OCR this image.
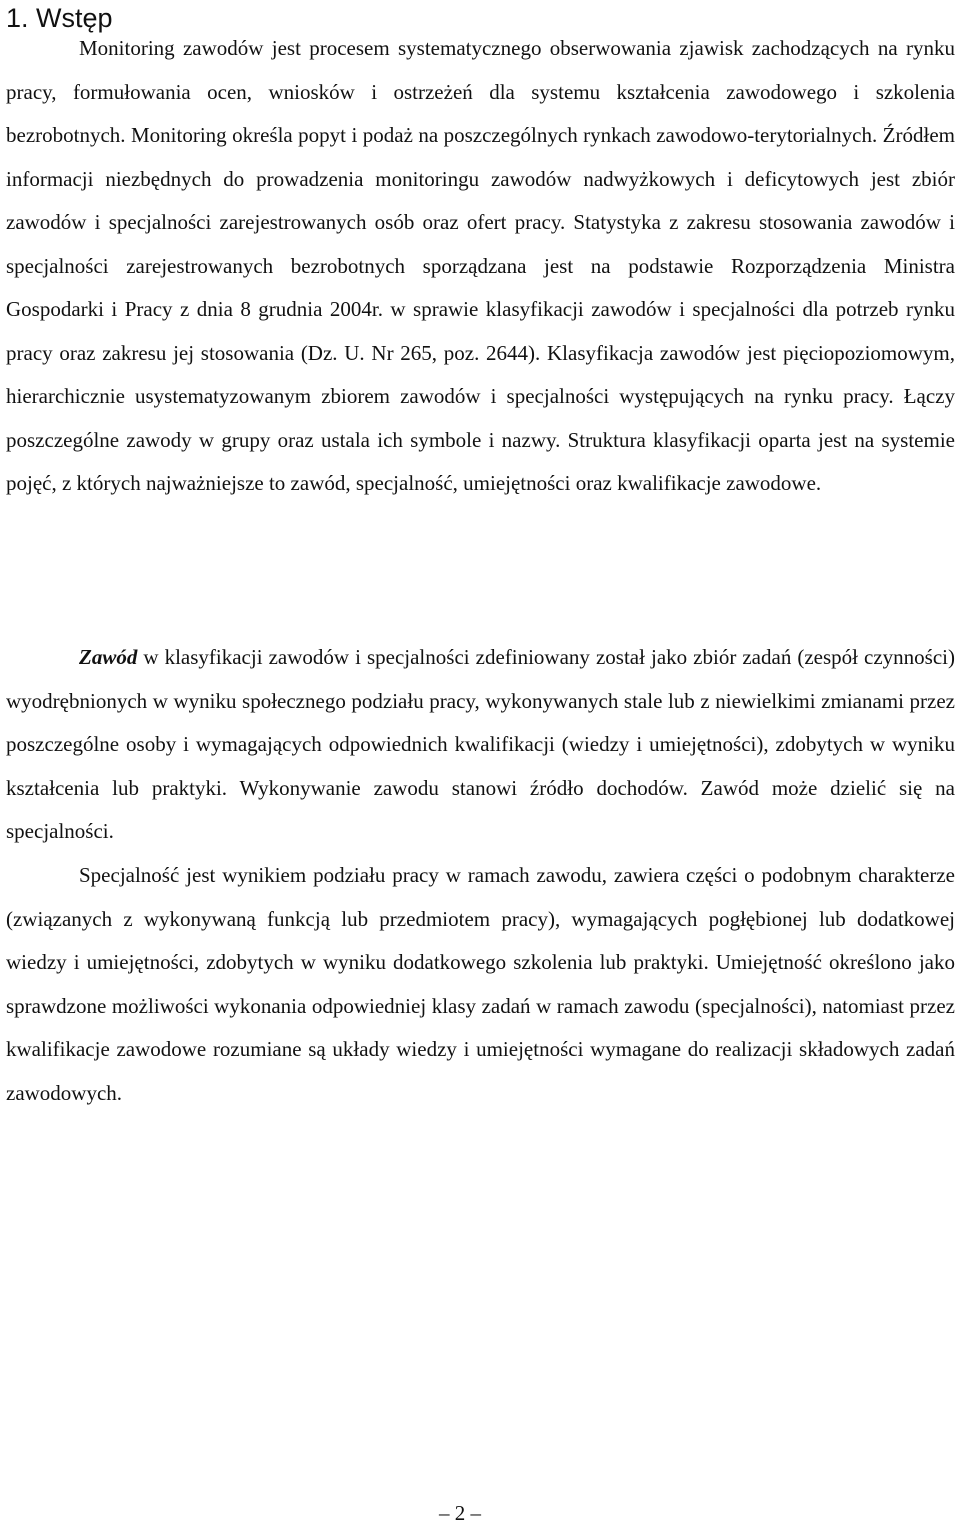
1. Wstęp

Monitoring zawodów jest procesem systematycznego obserwowania zjawisk zachodzących na rynku pracy, formułowania ocen, wniosków i ostrzeżeń dla systemu kształcenia zawodowego i szkolenia bezrobotnych. Monitoring określa popyt i podaż na poszczególnych rynkach zawodowo-terytorialnych. Źródłem informacji niezbędnych do prowadzenia monitoringu zawodów nadwyżkowych i deficytowych jest zbiór zawodów i specjalności zarejestrowanych osób oraz ofert pracy. Statystyka z zakresu stosowania zawodów i specjalności zarejestrowanych bezrobotnych sporządzana jest na podstawie Rozporządzenia Ministra Gospodarki i Pracy z dnia 8 grudnia 2004r. w sprawie klasyfikacji zawodów i specjalności dla potrzeb rynku pracy oraz zakresu jej stosowania (Dz. U. Nr 265, poz. 2644). Klasyfikacja zawodów jest pięciopoziomowym, hierarchicznie usystematyzowanym zbiorem zawodów i specjalności występujących na rynku pracy. Łączy poszczególne zawody w grupy oraz ustala ich symbole i nazwy. Struktura klasyfikacji oparta jest na systemie pojęć, z których najważniejsze to zawód, specjalność, umiejętności oraz kwalifikacje zawodowe.

Zawód w klasyfikacji zawodów i specjalności zdefiniowany został jako zbiór zadań (zespół czynności) wyodrębnionych w wyniku społecznego podziału pracy, wykonywanych stale lub z niewielkimi zmianami przez poszczególne osoby i wymagających odpowiednich kwalifikacji (wiedzy i umiejętności), zdobytych w wyniku kształcenia lub praktyki. Wykonywanie zawodu stanowi źródło dochodów. Zawód może dzielić się na specjalności.

Specjalność jest wynikiem podziału pracy w ramach zawodu, zawiera części o podobnym charakterze (związanych z wykonywaną funkcją lub przedmiotem pracy), wymagających pogłębionej lub dodatkowej wiedzy i umiejętności, zdobytych w wyniku dodatkowego szkolenia lub praktyki. Umiejętność określono jako sprawdzone możliwości wykonania odpowiedniej klasy zadań w ramach zawodu (specjalności), natomiast przez kwalifikacje zawodowe rozumiane są układy wiedzy i umiejętności wymagane do realizacji składowych zadań zawodowych.

– 2 –
